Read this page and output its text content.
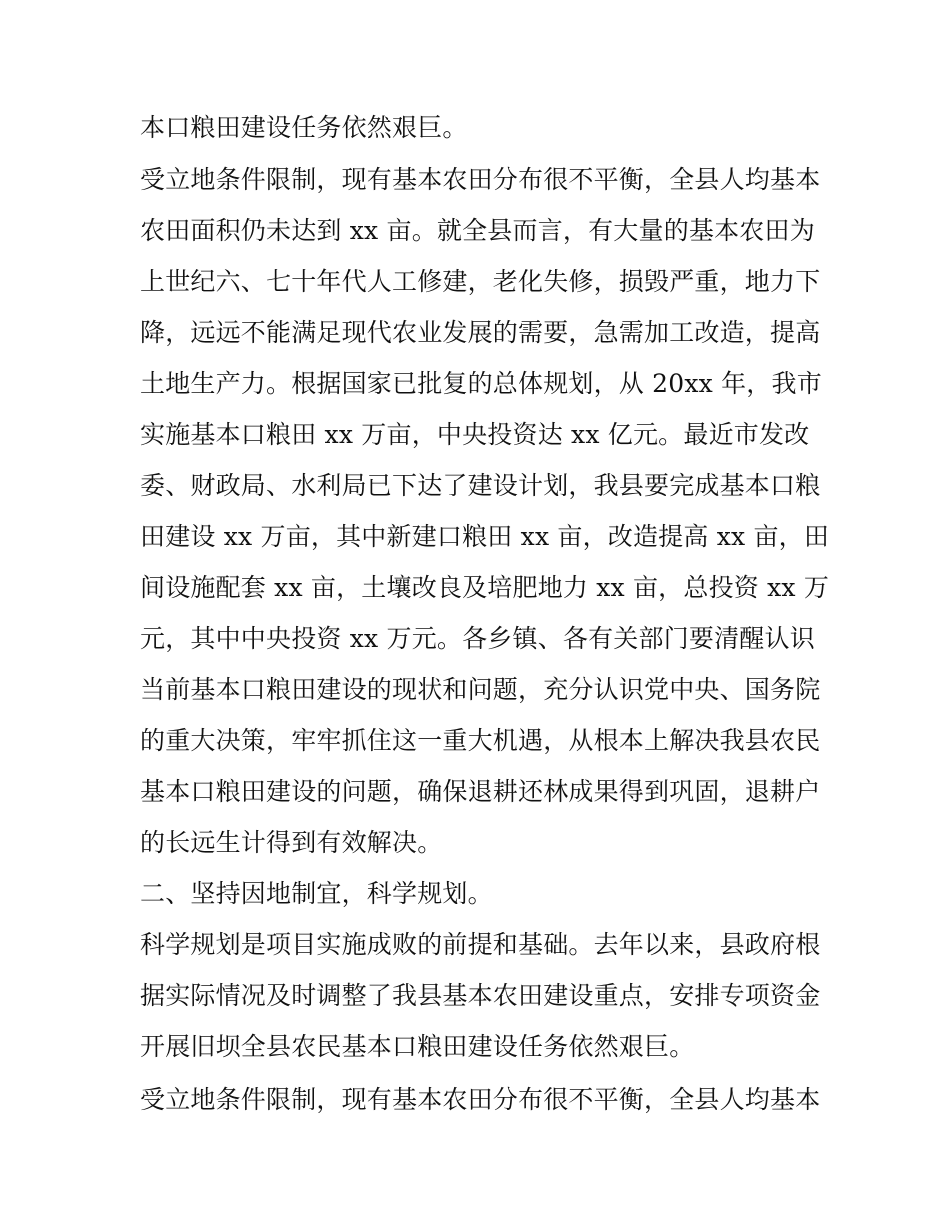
本口粮田建设任务依然艰巨。
受立地条件限制，现有基本农田分布很不平衡，全县人均基本
农田面积仍未达到 xx 亩。就全县而言，有大量的基本农田为
上世纪六、七十年代人工修建，老化失修，损毁严重，地力下
降，远远不能满足现代农业发展的需要，急需加工改造，提高
土地生产力。根据国家已批复的总体规划，从 20xx 年，我市
实施基本口粮田 xx 万亩，中央投资达 xx 亿元。最近市发改
委、财政局、水利局已下达了建设计划，我县要完成基本口粮
田建设 xx 万亩，其中新建口粮田 xx 亩，改造提高 xx 亩，田
间设施配套 xx 亩，土壤改良及培肥地力 xx 亩，总投资 xx 万
元，其中中央投资 xx 万元。各乡镇、各有关部门要清醒认识
当前基本口粮田建设的现状和问题，充分认识党中央、国务院
的重大决策，牢牢抓住这一重大机遇，从根本上解决我县农民
基本口粮田建设的问题，确保退耕还林成果得到巩固，退耕户
的长远生计得到有效解决。
二、坚持因地制宜，科学规划。
科学规划是项目实施成败的前提和基础。去年以来，县政府根
据实际情况及时调整了我县基本农田建设重点，安排专项资金
开展旧坝全县农民基本口粮田建设任务依然艰巨。
受立地条件限制，现有基本农田分布很不平衡，全县人均基本
